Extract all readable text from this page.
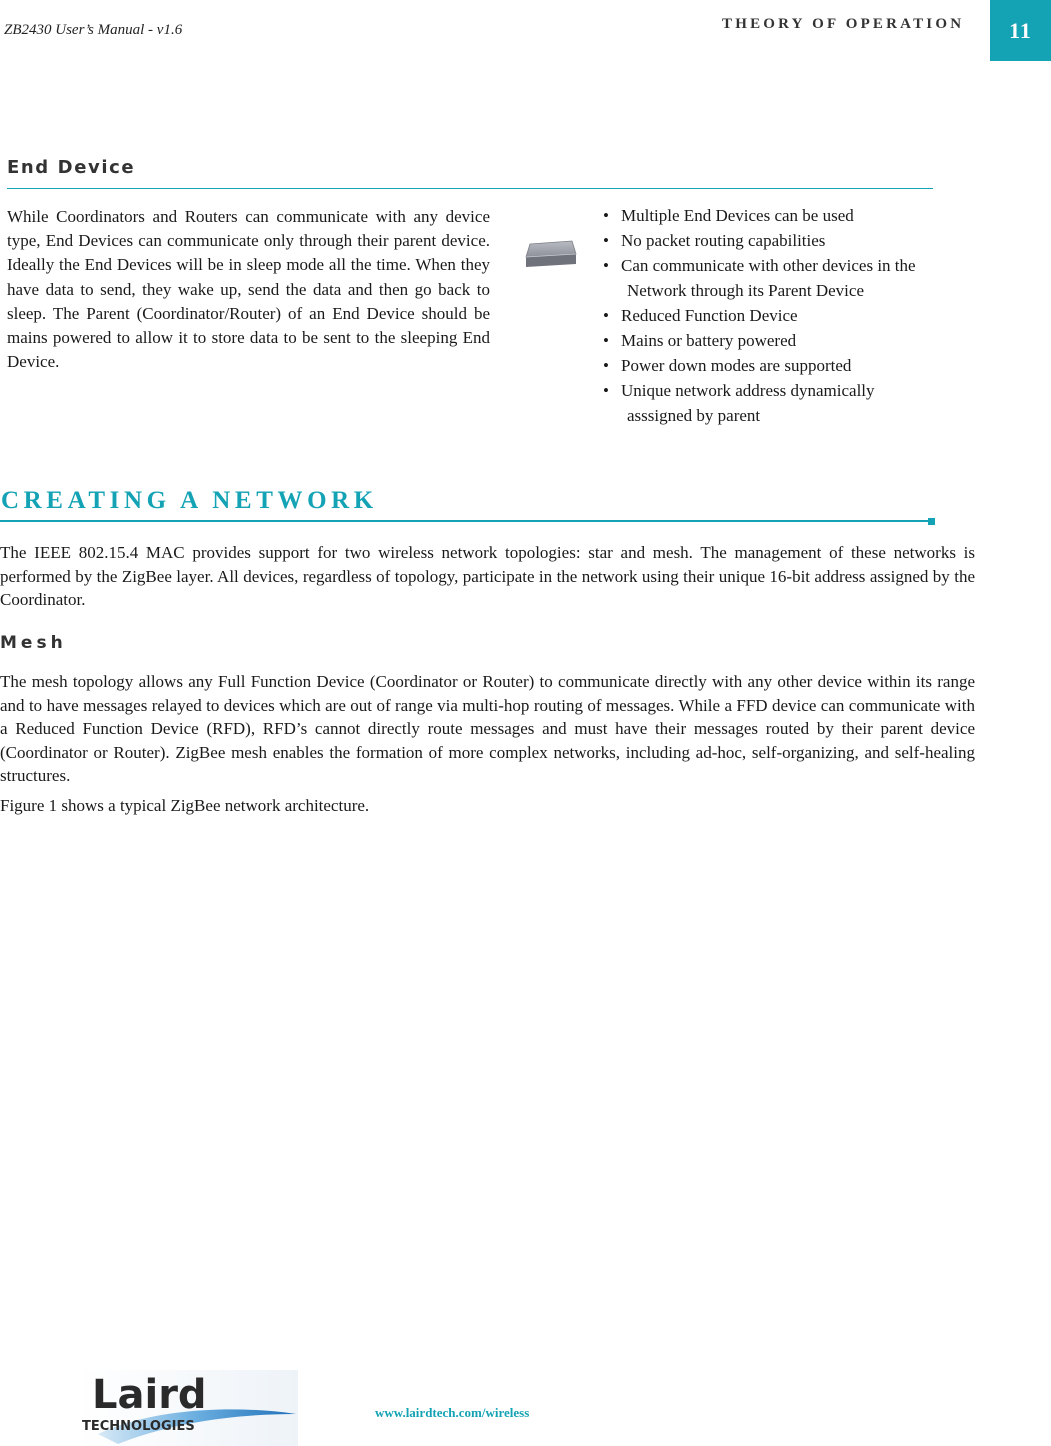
ZB2430 User’s Manual - v1.6	THEORY OF OPERATION	11
End Device
While Coordinators and Routers can communicate with any device type, End Devices can communicate only through their parent device. Ideally the End Devices will be in sleep mode all the time. When they have data to send, they wake up, send the data and then go back to sleep. The Parent (Coordinator/Router) of an End Device should be mains powered to allow it to store data to be sent to the sleeping End Device.
• Multiple End Devices can be used
• No packet routing capabilities
• Can communicate with other devices in the
Network through its Parent Device
• Reduced Function Device
• Mains or battery powered
• Power down modes are supported
• Unique network address dynamically
asssigned by parent
CREATING A NETWORK
The IEEE 802.15.4 MAC provides support for two wireless network topologies: star and mesh. The management of these networks is performed by the ZigBee layer. All devices, regardless of topology, participate in the network using their unique 16-bit address assigned by the Coordinator.
Mesh
The mesh topology allows any Full Function Device (Coordinator or Router) to communicate directly with any other device within its range and to have messages relayed to devices which are out of range via multi-hop routing of messages. While a FFD device can communicate with a Reduced Function Device (RFD), RFD’s cannot directly route messages and must have their messages routed by their parent device (Coordinator or Router). ZigBee mesh enables the formation of more complex networks, including ad-hoc, self-organizing, and self-healing structures.
Figure 1 shows a typical ZigBee network architecture.
Laird
TECHNOLOGIES
www.lairdtech.com/wireless
